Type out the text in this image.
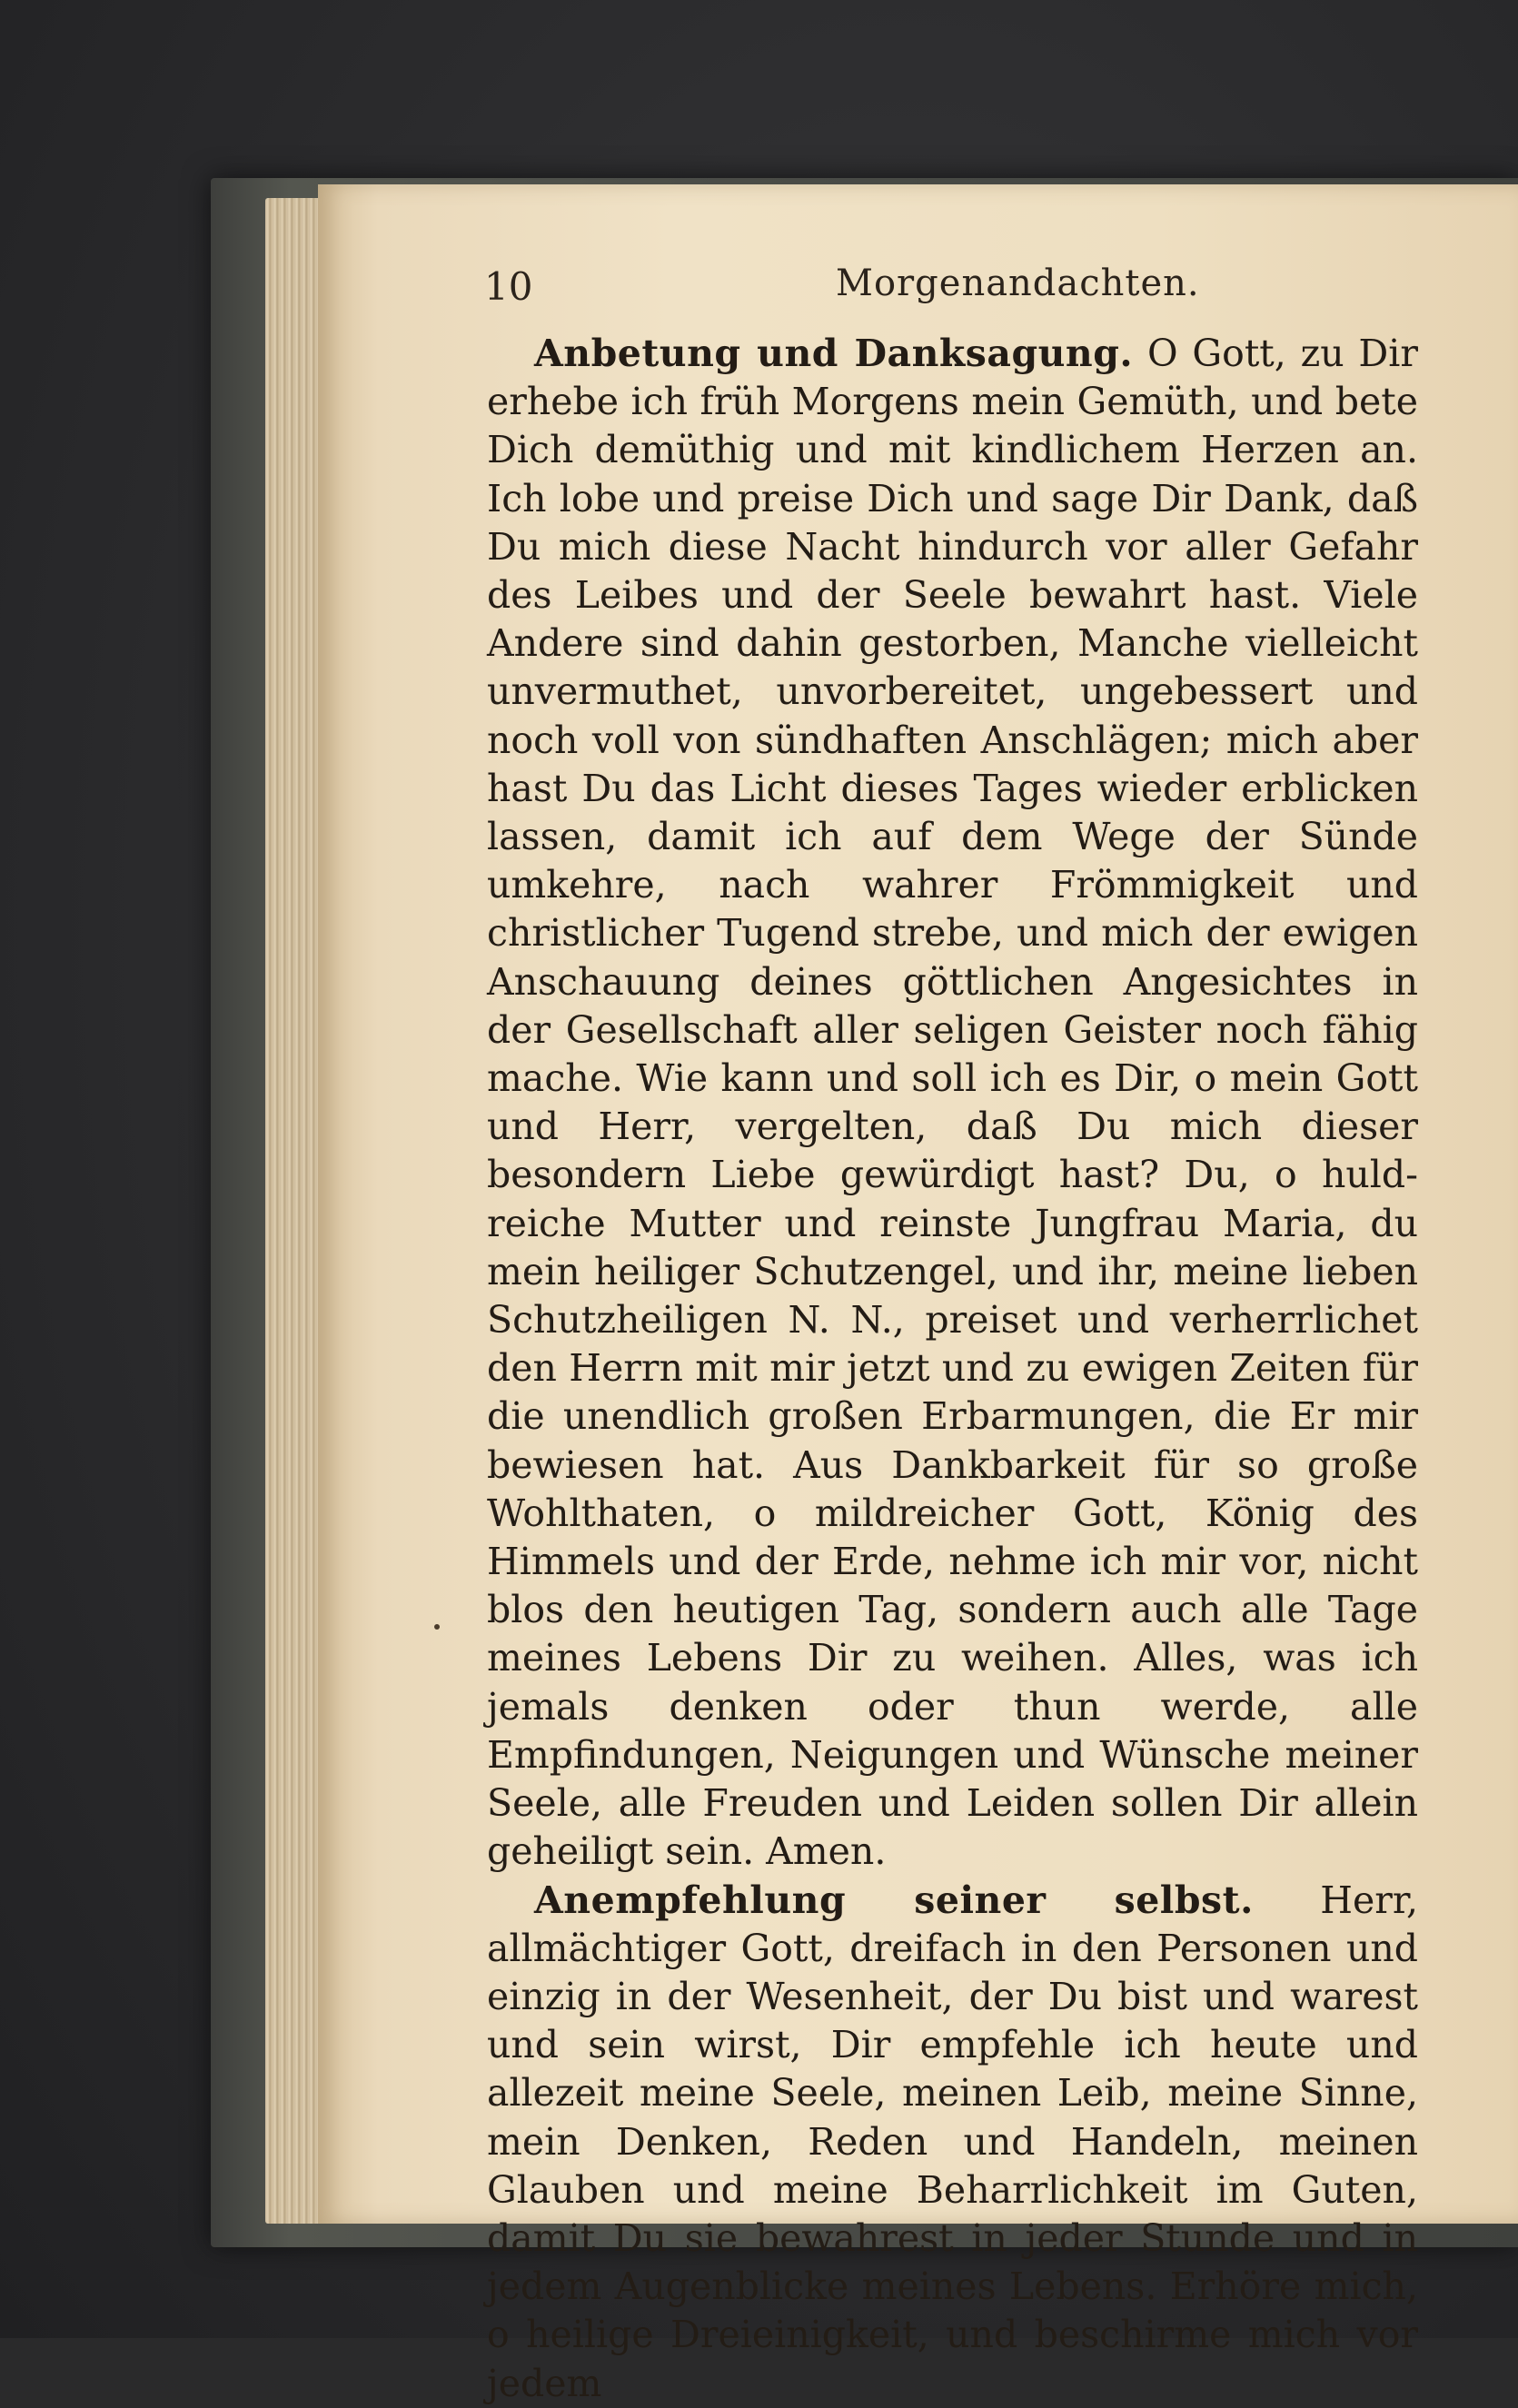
10	Morgenandachten.

Anbetung und Danksagung. O Gott, zu Dir erhebe ich früh Morgens mein Gemüth, und bete Dich demüthig und mit kindlichem Herzen an. Ich lobe und preise Dich und sage Dir Dank, daß Du mich diese Nacht hindurch vor aller Gefahr des Leibes und der Seele bewahrt hast. Viele Andere sind dahin gestorben, Manche vielleicht unvermuthet, unvorbereitet, ungebessert und noch voll von sündhaften Anschlägen; mich aber hast Du das Licht dieses Tages wieder erblicken lassen, damit ich auf dem Wege der Sünde umkehre, nach wahrer Frömmigkeit und christlicher Tugend strebe, und mich der ewigen Anschauung deines göttlichen Angesichtes in der Gesellschaft aller seligen Geister noch fähig mache. Wie kann und soll ich es Dir, o mein Gott und Herr, vergelten, daß Du mich dieser besondern Liebe gewürdigt hast? Du, o huldreiche Mutter und reinste Jungfrau Maria, du mein heiliger Schutzengel, und ihr, meine lieben Schutzheiligen N. N., preiset und verherrlichet den Herrn mit mir jetzt und zu ewigen Zeiten für die unendlich großen Erbarmungen, die Er mir bewiesen hat. Aus Dankbarkeit für so große Wohlthaten, o mildreicher Gott, König des Himmels und der Erde, nehme ich mir vor, nicht blos den heutigen Tag, sondern auch alle Tage meines Lebens Dir zu weihen. Alles, was ich jemals denken oder thun werde, alle Empfindungen, Neigungen und Wünsche meiner Seele, alle Freuden und Leiden sollen Dir allein geheiligt sein. Amen.

Anempfehlung seiner selbst. Herr, allmächtiger Gott, dreifach in den Personen und einzig in der Wesenheit, der Du bist und warest und sein wirst, Dir empfehle ich heute und allezeit meine Seele, meinen Leib, meine Sinne, mein Denken, Reden und Handeln, meinen Glauben und meine Beharrlichkeit im Guten, damit Du sie bewahrest in jeder Stunde und in jedem Augenblicke meines Lebens. Erhöre mich, o heilige Dreieinigkeit, und beschirme mich vor jedem
